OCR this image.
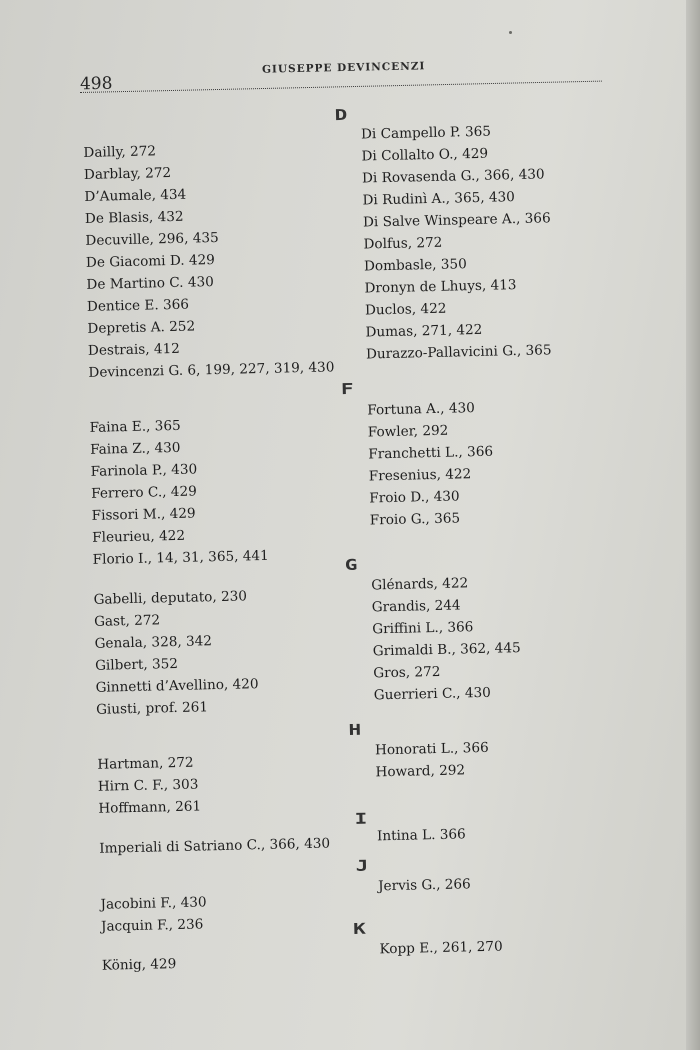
498
GIUSEPPE DEVINCENZI
Dailly, 272
Darblay, 272
D’Aumale, 434
De Blasis, 432
Decuville, 296, 435
De Giacomi D. 429
De Martino C. 430
Dentice E. 366
Depretis A. 252
Destrais, 412
Devincenzi G. 6, 199, 227, 319, 430
Faina E., 365
Faina Z., 430
Farinola P., 430
Ferrero C., 429
Fissori M., 429
Fleurieu, 422
Florio I., 14, 31, 365, 441
Gabelli, deputato, 230
Gast, 272
Genala, 328, 342
Gilbert, 352
Ginnetti d’Avellino, 420
Giusti, prof. 261
Hartman, 272
Hirn C. F., 303
Hoffmann, 261
Imperiali di Satriano C., 366, 430
Jacobini F., 430
Jacquin F., 236
König, 429
D
Di Campello P. 365
Di Collalto O., 429
Di Rovasenda G., 366, 430
Di Rudinì A., 365, 430
Di Salve Winspeare A., 366
Dolfus, 272
Dombasle, 350
Dronyn de Lhuys, 413
Duclos, 422
Dumas, 271, 422
Durazzo-Pallavicini G., 365
F
Fortuna A., 430
Fowler, 292
Franchetti L., 366
Fresenius, 422
Froio D., 430
Froio G., 365
G
Glénards, 422
Grandis, 244
Griffini L., 366
Grimaldi B., 362, 445
Gros, 272
Guerrieri C., 430
H
Honorati L., 366
Howard, 292
I
Intina L. 366
J
Jervis G., 266
K
Kopp E., 261, 270
